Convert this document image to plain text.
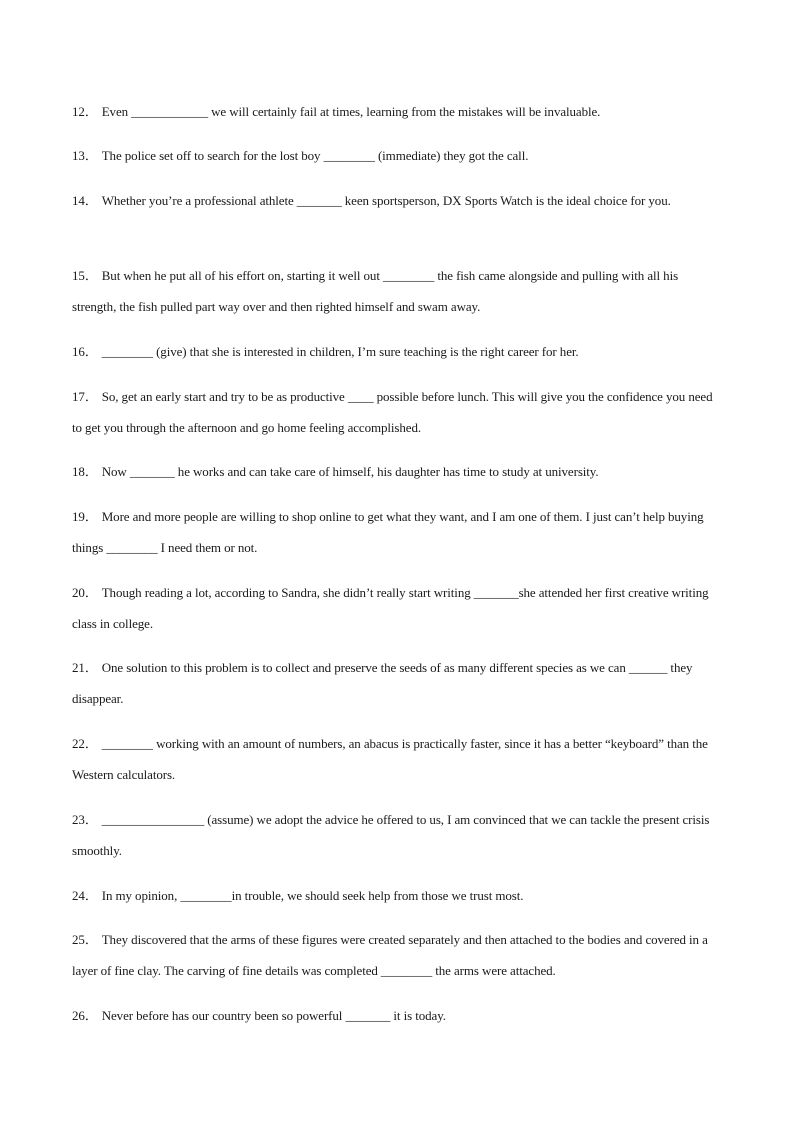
12． Even ____________ we will certainly fail at times, learning from the mistakes will be invaluable.

13． The police set off to search for the lost boy ________ (immediate) they got the call.

14． Whether you’re a professional athlete _______ keen sportsperson, DX Sports Watch is the ideal choice for you.

15． But when he put all of his effort on, starting it well out ________ the fish came alongside and pulling with all his strength, the fish pulled part way over and then righted himself and swam away.

16． ________ (give) that she is interested in children, I’m sure teaching is the right career for her.

17． So, get an early start and try to be as productive ____ possible before lunch. This will give you the confidence you need to get you through the afternoon and go home feeling accomplished.

18． Now _______ he works and can take care of himself, his daughter has time to study at university.

19． More and more people are willing to shop online to get what they want, and I am one of them. I just can’t help buying things ________ I need them or not.

20． Though reading a lot, according to Sandra, she didn’t really start writing _______she attended her first creative writing class in college.

21． One solution to this problem is to collect and preserve the seeds of as many different species as we can ______ they disappear.

22． ________ working with an amount of numbers, an abacus is practically faster, since it has a better “keyboard” than the Western calculators.

23． ________________ (assume) we adopt the advice he offered to us, I am convinced that we can tackle the present crisis smoothly.

24． In my opinion, ________in trouble, we should seek help from those we trust most.

25． They discovered that the arms of these figures were created separately and then attached to the bodies and covered in a layer of fine clay. The carving of fine details was completed ________ the arms were attached.

26． Never before has our country been so powerful _______ it is today.
